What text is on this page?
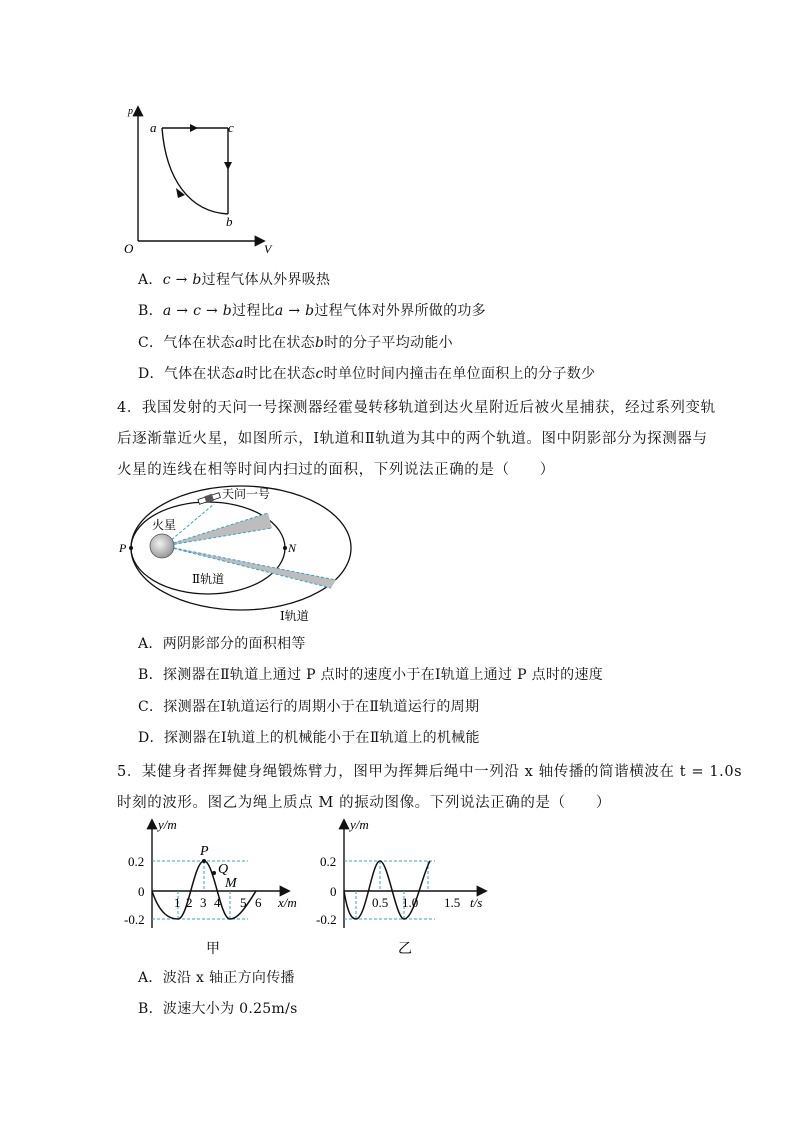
p
V
O
a	c
b
A．c → b过程气体从外界吸热
B．a → c → b过程比a → b过程气体对外界所做的功多
C．气体在状态a时比在状态b时的分子平均动能小
D．气体在状态a时比在状态c时单位时间内撞击在单位面积上的分子数少
4．我国发射的天问一号探测器经霍曼转移轨道到达火星附近后被火星捕获，经过系列变轨
后逐渐靠近火星，如图所示，Ⅰ轨道和Ⅱ轨道为其中的两个轨道。图中阴影部分为探测器与
火星的连线在相等时间内扫过的面积，下列说法正确的是（　　）
天问一号
火星
P	N
Ⅱ轨道
Ⅰ轨道
A．两阴影部分的面积相等
B．探测器在Ⅱ轨道上通过 P 点时的速度小于在Ⅰ轨道上通过 P 点时的速度
C．探测器在Ⅰ轨道运行的周期小于在Ⅱ轨道运行的周期
D．探测器在Ⅰ轨道上的机械能小于在Ⅱ轨道上的机械能
5．某健身者挥舞健身绳锻炼臂力，图甲为挥舞后绳中一列沿 x 轴传播的简谐横波在 t = 1.0s
时刻的波形。图乙为绳上质点 M 的振动图像。下列说法正确的是（　　）
y/m
x/m
0.2
0
-0.2
1 2 3 4 5 6
P
Q
M
甲
y/m
t/s
0.2
0
-0.2
0.5 1.0 1.5
乙
A．波沿 x 轴正方向传播
B．波速大小为 0.25m/s
